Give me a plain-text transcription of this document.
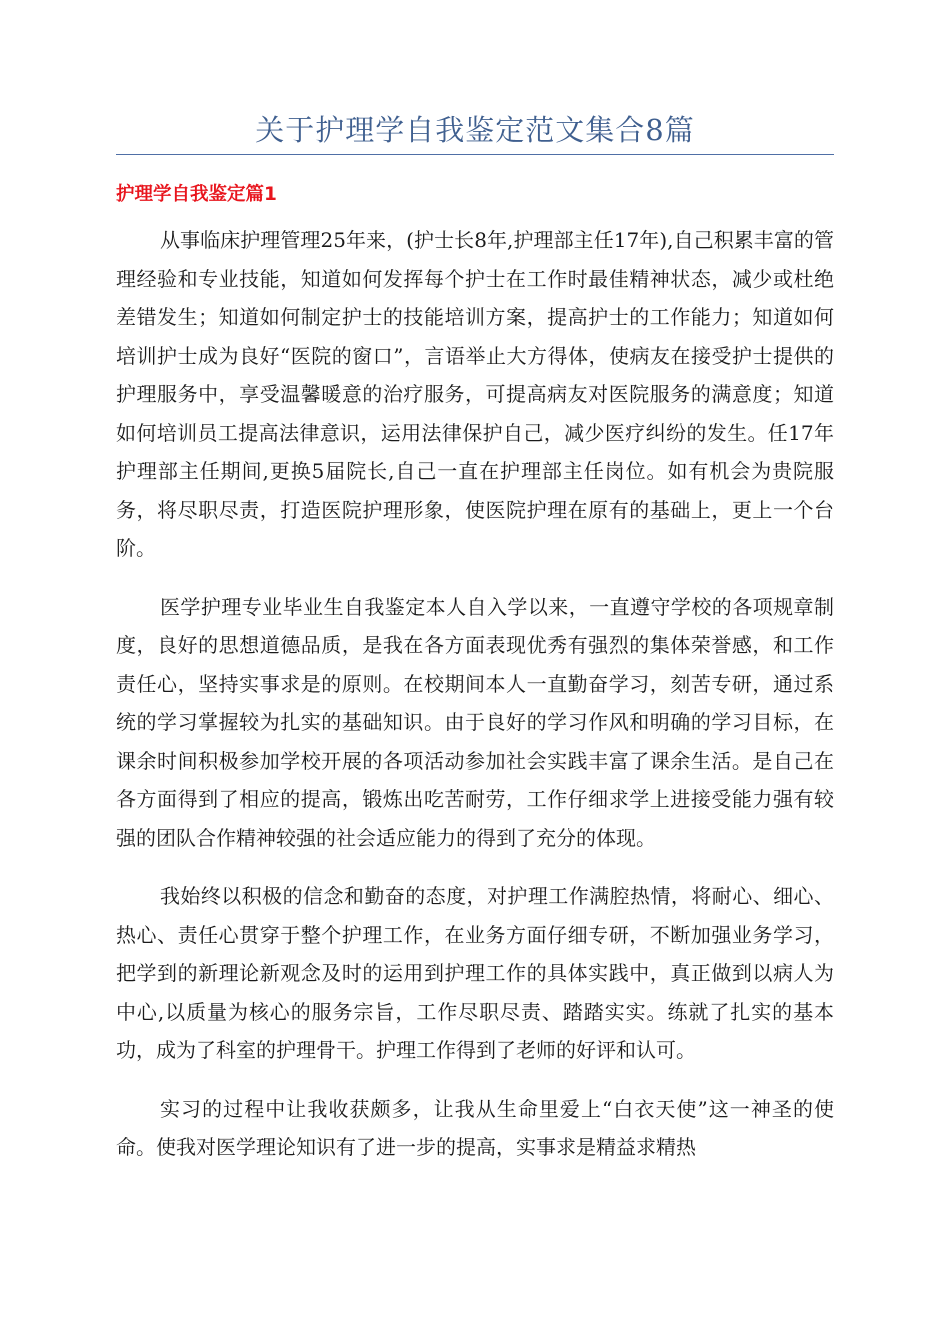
关于护理学自我鉴定范文集合8篇
护理学自我鉴定篇1

从事临床护理管理25年来，(护士长8年,护理部主任17年),自己积累丰富的管理经验和专业技能，知道如何发挥每个护士在工作时最佳精神状态，减少或杜绝差错发生；知道如何制定护士的技能培训方案，提高护士的工作能力；知道如何培训护士成为良好“医院的窗口”，言语举止大方得体，使病友在接受护士提供的护理服务中，享受温馨暖意的治疗服务，可提高病友对医院服务的满意度；知道如何培训员工提高法律意识，运用法律保护自己，减少医疗纠纷的发生。任17年护理部主任期间,更换5届院长,自己一直在护理部主任岗位。如有机会为贵院服务，将尽职尽责，打造医院护理形象，使医院护理在原有的基础上，更上一个台阶。

医学护理专业毕业生自我鉴定本人自入学以来，一直遵守学校的各项规章制度，良好的思想道德品质，是我在各方面表现优秀有强烈的集体荣誉感，和工作责任心，坚持实事求是的原则。在校期间本人一直勤奋学习，刻苦专研，通过系统的学习掌握较为扎实的基础知识。由于良好的学习作风和明确的学习目标，在课余时间积极参加学校开展的各项活动参加社会实践丰富了课余生活。是自己在各方面得到了相应的提高，锻炼出吃苦耐劳，工作仔细求学上进接受能力强有较强的团队合作精神较强的社会适应能力的得到了充分的体现。

我始终以积极的信念和勤奋的态度，对护理工作满腔热情，将耐心、细心、热心、责任心贯穿于整个护理工作，在业务方面仔细专研，不断加强业务学习，把学到的新理论新观念及时的运用到护理工作的具体实践中，真正做到以病人为中心,以质量为核心的服务宗旨，工作尽职尽责、踏踏实实。练就了扎实的基本功，成为了科室的护理骨干。护理工作得到了老师的好评和认可。

实习的过程中让我收获颇多，让我从生命里爱上“白衣天使”这一神圣的使命。使我对医学理论知识有了进一步的提高，实事求是精益求精热
